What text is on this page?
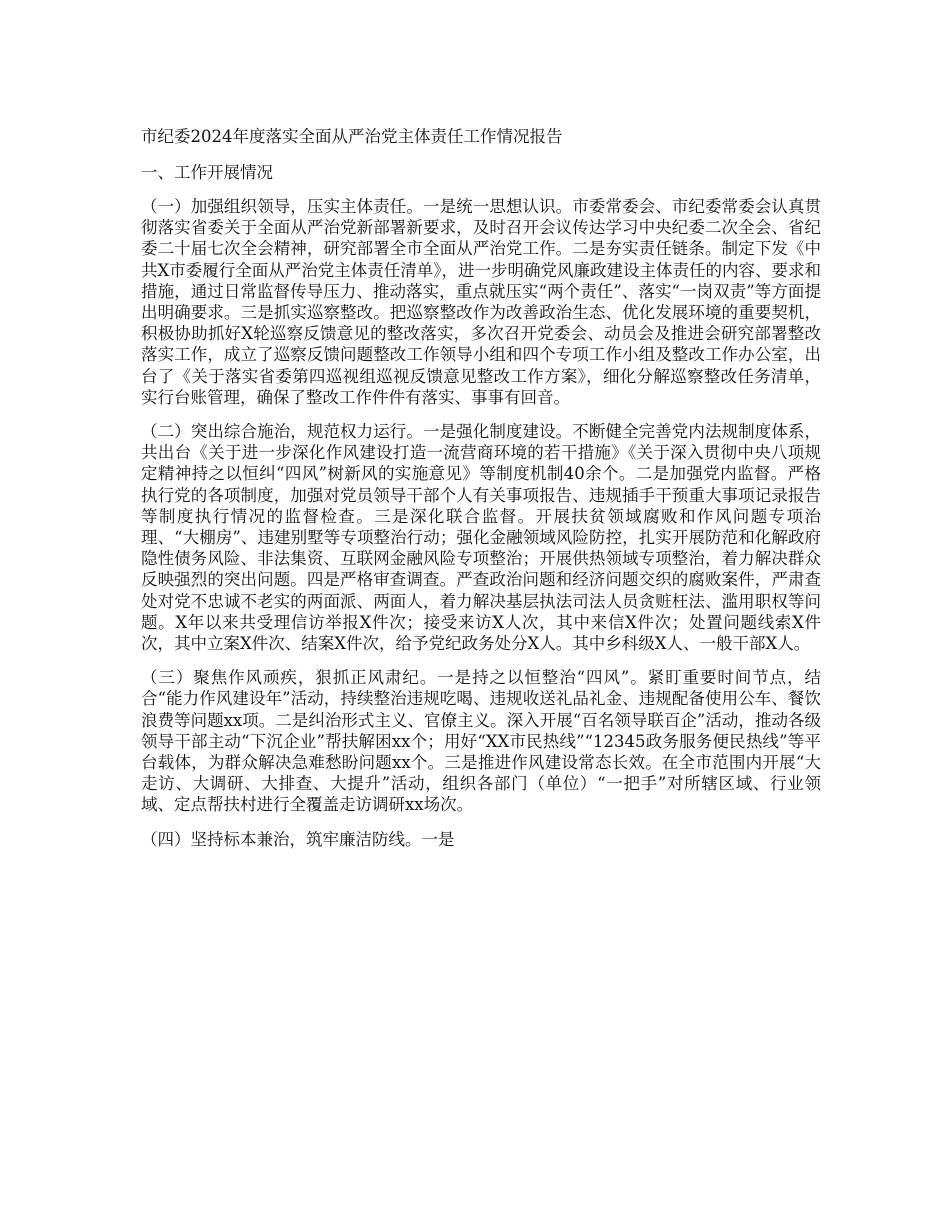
市纪委2024年度落实全面从严治党主体责任工作情况报告
一、工作开展情况

（一）加强组织领导，压实主体责任。一是统一思想认识。市委常委会、市纪委常委会认真贯彻落实省委关于全面从严治党新部署新要求，及时召开会议传达学习中央纪委二次全会、省纪委二十届七次全会精神，研究部署全市全面从严治党工作。二是夯实责任链条。制定下发《中共X市委履行全面从严治党主体责任清单》，进一步明确党风廉政建设主体责任的内容、要求和措施，通过日常监督传导压力、推动落实，重点就压实“两个责任”、落实“一岗双责”等方面提出明确要求。三是抓实巡察整改。把巡察整改作为改善政治生态、优化发展环境的重要契机，积极协助抓好X轮巡察反馈意见的整改落实，多次召开党委会、动员会及推进会研究部署整改落实工作，成立了巡察反馈问题整改工作领导小组和四个专项工作小组及整改工作办公室，出台了《关于落实省委第四巡视组巡视反馈意见整改工作方案》，细化分解巡察整改任务清单，实行台账管理，确保了整改工作件件有落实、事事有回音。

（二）突出综合施治，规范权力运行。一是强化制度建设。不断健全完善党内法规制度体系，共出台《关于进一步深化作风建设打造一流营商环境的若干措施》《关于深入贯彻中央八项规定精神持之以恒纠“四风”树新风的实施意见》等制度机制40余个。二是加强党内监督。严格执行党的各项制度，加强对党员领导干部个人有关事项报告、违规插手干预重大事项记录报告等制度执行情况的监督检查。三是深化联合监督。开展扶贫领域腐败和作风问题专项治理、“大棚房”、违建别墅等专项整治行动；强化金融领域风险防控，扎实开展防范和化解政府隐性债务风险、非法集资、互联网金融风险专项整治；开展供热领域专项整治，着力解决群众反映强烈的突出问题。四是严格审查调查。严查政治问题和经济问题交织的腐败案件，严肃查处对党不忠诚不老实的两面派、两面人，着力解决基层执法司法人员贪赃枉法、滥用职权等问题。X年以来共受理信访举报X件次；接受来访X人次，其中来信X件次；处置问题线索X件次，其中立案X件次、结案X件次，给予党纪政务处分X人。其中乡科级X人、一般干部X人。

（三）聚焦作风顽疾，狠抓正风肃纪。一是持之以恒整治“四风”。紧盯重要时间节点，结合“能力作风建设年”活动，持续整治违规吃喝、违规收送礼品礼金、违规配备使用公车、餐饮浪费等问题xx项。二是纠治形式主义、官僚主义。深入开展“百名领导联百企”活动，推动各级领导干部主动“下沉企业”帮扶解困xx个；用好“XX市民热线”“12345政务服务便民热线”等平台载体，为群众解决急难愁盼问题xx个。三是推进作风建设常态长效。在全市范围内开展“大走访、大调研、大排查、大提升”活动，组织各部门（单位）“一把手”对所辖区域、行业领域、定点帮扶村进行全覆盖走访调研xx场次。

（四）坚持标本兼治，筑牢廉洁防线。一是
